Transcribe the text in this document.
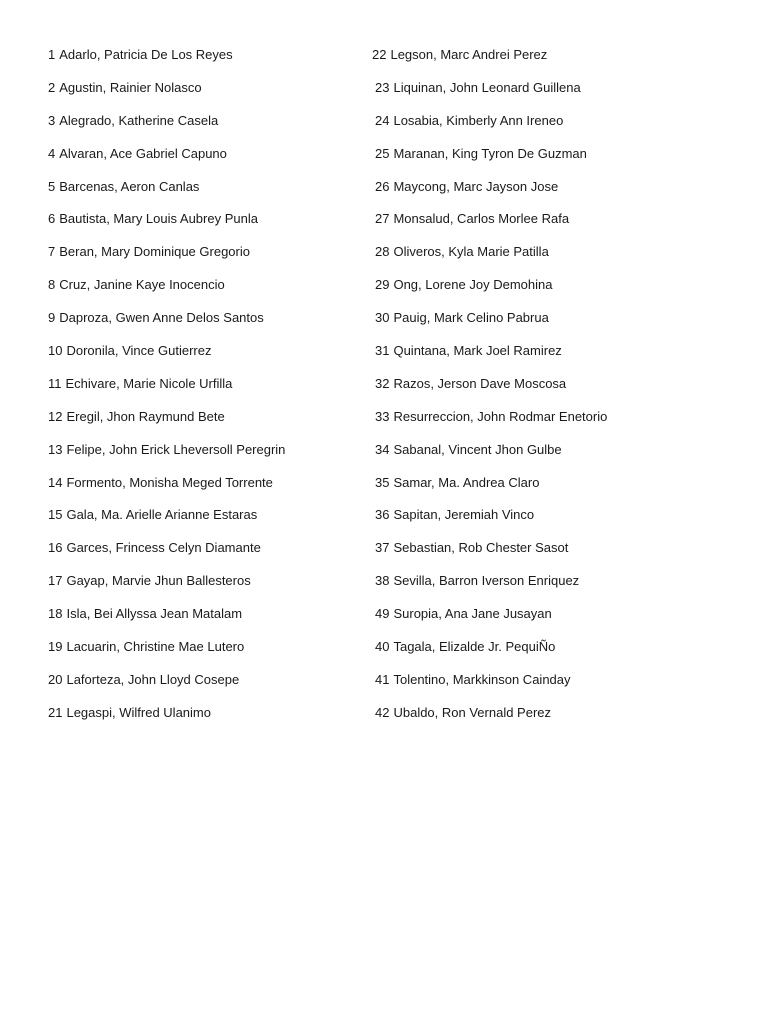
1 Adarlo, Patricia De Los Reyes
2 Agustin, Rainier Nolasco
3 Alegrado, Katherine Casela
4 Alvaran, Ace Gabriel Capuno
5 Barcenas, Aeron Canlas
6 Bautista, Mary Louis Aubrey Punla
7 Beran, Mary Dominique Gregorio
8 Cruz, Janine Kaye Inocencio
9 Daproza, Gwen Anne Delos Santos
10 Doronila, Vince Gutierrez
11 Echivare, Marie Nicole Urfilla
12 Eregil, Jhon Raymund Bete
13 Felipe, John Erick Lheversoll Peregrin
14 Formento, Monisha Meged Torrente
15 Gala, Ma. Arielle Arianne Estaras
16 Garces, Frincess Celyn Diamante
17 Gayap, Marvie Jhun Ballesteros
18 Isla, Bei Allyssa Jean Matalam
19 Lacuarin, Christine Mae Lutero
20 Laforteza, John Lloyd Cosepe
21 Legaspi, Wilfred Ulanimo
22 Legson, Marc Andrei Perez
23 Liquinan, John Leonard Guillena
24 Losabia, Kimberly Ann Ireneo
25 Maranan, King Tyron De Guzman
26 Maycong, Marc Jayson Jose
27 Monsalud, Carlos Morlee Rafa
28 Oliveros, Kyla Marie Patilla
29 Ong, Lorene Joy Demohina
30 Pauig, Mark Celino Pabrua
31 Quintana, Mark Joel Ramirez
32 Razos, Jerson Dave Moscosa
33 Resurreccion, John Rodmar Enetorio
34 Sabanal, Vincent Jhon Gulbe
35 Samar, Ma. Andrea Claro
36 Sapitan, Jeremiah Vinco
37 Sebastian, Rob Chester Sasot
38 Sevilla, Barron Iverson Enriquez
49 Suropia, Ana Jane Jusayan
40 Tagala, Elizalde Jr. PequiÑo
41 Tolentino, Markkinson Cainday
42 Ubaldo, Ron Vernald Perez
